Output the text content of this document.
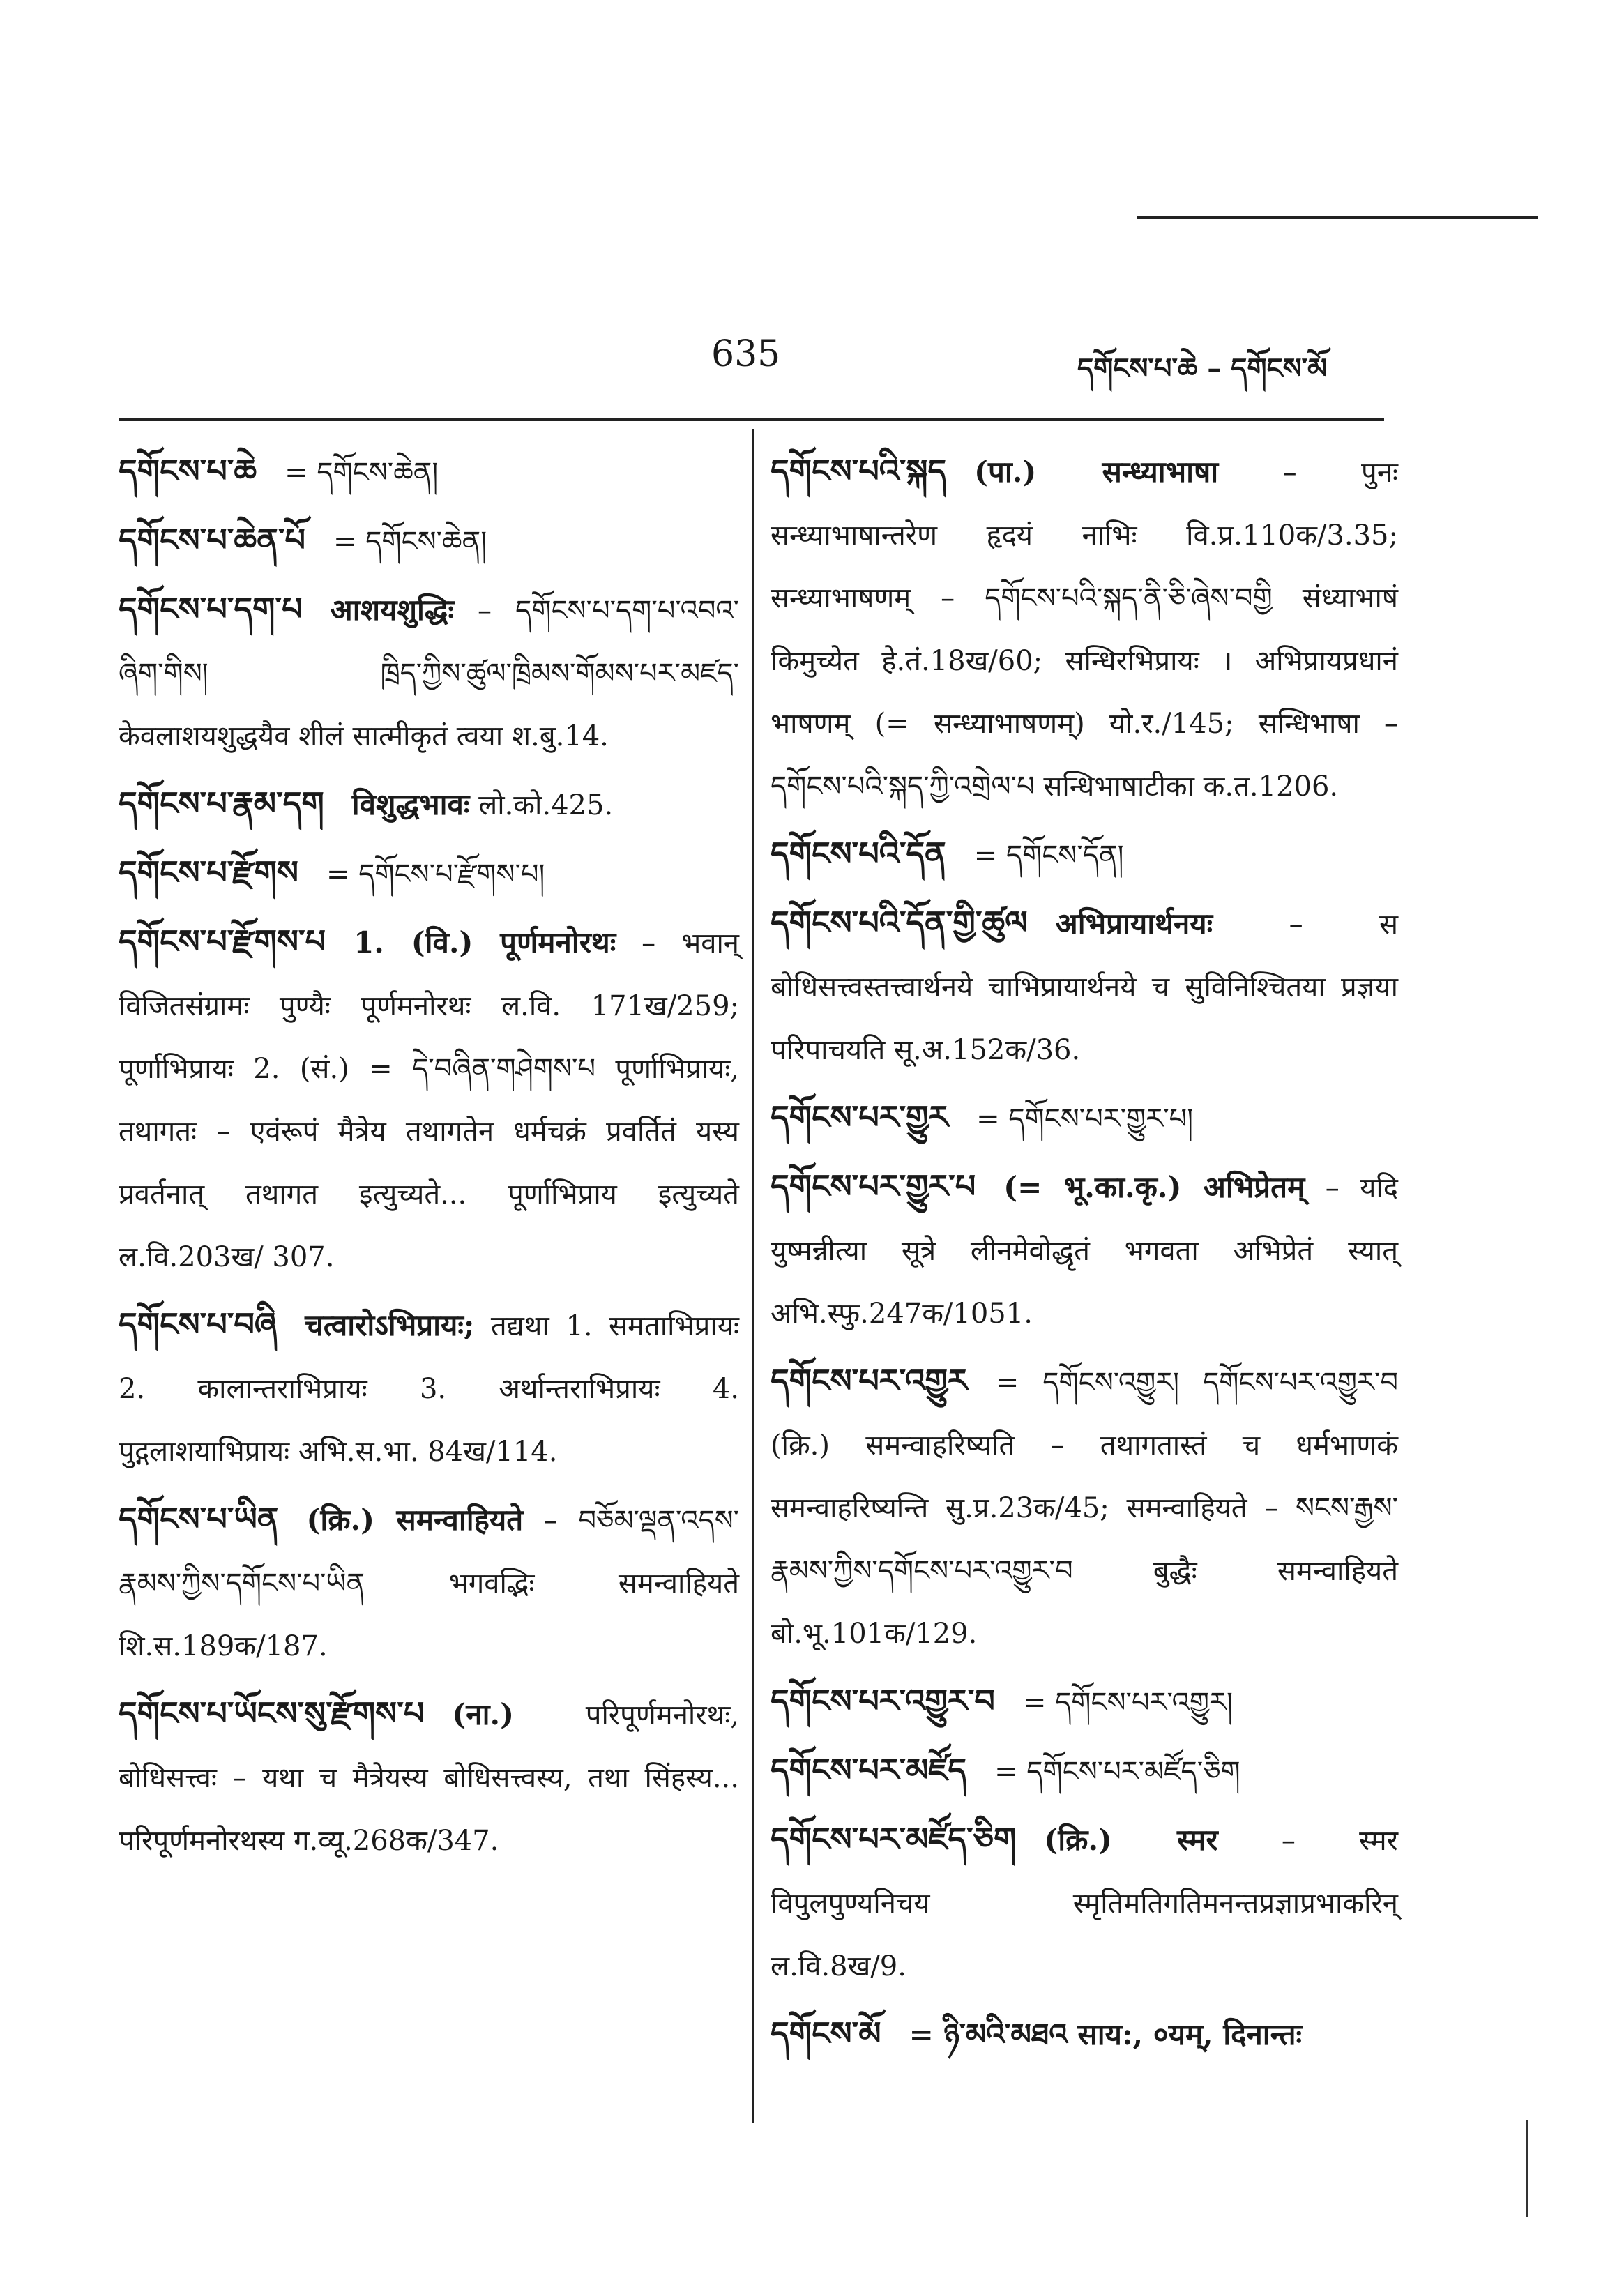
635	དགོངས་པ་ཆེ – དགོངས་མོ
དགོངས་པ་ཆེ = དགོངས་ཆེན།
དགོངས་པ་ཆེན་པོ = དགོངས་ཆེན།
དགོངས་པ་དག་པ आशयशुद्धिः – དགོངས་པ་དག་པ་འབའ་ཞིག་གིས། ཁྲིད་ཀྱིས་ཚུལ་ཁྲིམས་གོམས་པར་མཛད་ केवलाशयशुद्धयैव शीलं सात्मीकृतं त्वया श.बु.14.
དགོངས་པ་རྣམ་དག विशुद्धभावः लो.को.425.
དགོངས་པ་རྫོགས = དགོངས་པ་རྫོགས་པ།
དགོངས་པ་རྫོགས་པ 1. (वि.) पूर्णमनोरथः – भवान् विजितसंग्रामः पुण्यैः पूर्णमनोरथः ल.वि. 171ख/259; पूर्णाभिप्रायः 2. (सं.) = དེ་བཞིན་གཤེགས་པ पूर्णाभिप्रायः, तथागतः – एवंरूपं मैत्रेय तथागतेन धर्मचक्रं प्रवर्तितं यस्य प्रवर्तनात् तथागत इत्युच्यते... पूर्णाभिप्राय इत्युच्यते ल.वि.203ख/ 307.
དགོངས་པ་བཞི चत्वारोऽभिप्रायः; तद्यथा 1. समताभिप्रायः 2. कालान्तराभिप्रायः 3. अर्थान्तराभिप्रायः 4. पुद्गलाशयाभिप्रायः अभि.स.भा. 84ख/114.
དགོངས་པ་ཡིན (क्रि.) समन्वाहियते – བཅོམ་ལྡན་འདས་རྣམས་ཀྱིས་དགོངས་པ་ཡིན भगवद्भिः समन्वाहियते शि.स.189क/187.
དགོངས་པ་ཡོངས་སུ་རྫོགས་པ (ना.)	परिपूर्णमनोरथः, बोधिसत्त्वः – यथा च मैत्रेयस्य बोधिसत्त्वस्य, तथा सिंहस्य... परिपूर्णमनोरथस्य ग.व्यू.268क/347.
དགོངས་པའི་སྐད (पा.) सन्ध्याभाषा – पुनः सन्ध्याभाषान्तरेण हृदयं नाभिः वि.प्र.110क/3.35; सन्ध्याभाषणम् – དགོངས་པའི་སྐད་ནི་ཅི་ཞེས་བགྱི संध्याभाषं किमुच्येत हे.तं.18ख/60; सन्धिरभिप्रायः । अभिप्रायप्रधानं भाषणम् (= सन्ध्याभाषणम्) यो.र./145; सन्धिभाषा – དགོངས་པའི་སྐད་ཀྱི་འགྲེལ་པ सन्धिभाषाटीका क.त.1206.
དགོངས་པའི་དོན = དགོངས་དོན།
དགོངས་པའི་དོན་གྱི་ཚུལ अभिप्रायार्थनयः	– स बोधिसत्त्वस्तत्त्वार्थनये चाभिप्रायार्थनये च सुविनिश्चितया प्रज्ञया परिपाचयति सू.अ.152क/36.
དགོངས་པར་གྱུར = དགོངས་པར་གྱུར་པ།
དགོངས་པར་གྱུར་པ (= भू.का.कृ.) अभिप्रेतम् – यदि युष्मन्नीत्या सूत्रे लीनमेवोद्धृतं भगवता अभिप्रेतं स्यात् अभि.स्फु.247क/1051.
དགོངས་པར་འགྱུར = དགོངས་འགྱུར། དགོངས་པར་འགྱུར་བ (क्रि.) समन्वाहरिष्यति – तथागतास्तं च धर्मभाणकं समन्वाहरिष्यन्ति सु.प्र.23क/45; समन्वाहियते – སངས་རྒྱས་རྣམས་ཀྱིས་དགོངས་པར་འགྱུར་བ बुद्धैः समन्वाहियते बो.भू.101क/129.
དགོངས་པར་འགྱུར་བ = དགོངས་པར་འགྱུར།
དགོངས་པར་མཛོད = དགོངས་པར་མཛོད་ཅིག
དགོངས་པར་མཛོད་ཅིག (क्रि.) स्मर – स्मर विपुलपुण्यनिचय स्मृतिमतिगतिमनन्तप्रज्ञाप्रभाकरिन् ल.वि.8ख/9.
དགོངས་མོ = ཉི་མའི་མཐའ साय:, ०यम्, दिनान्तः
